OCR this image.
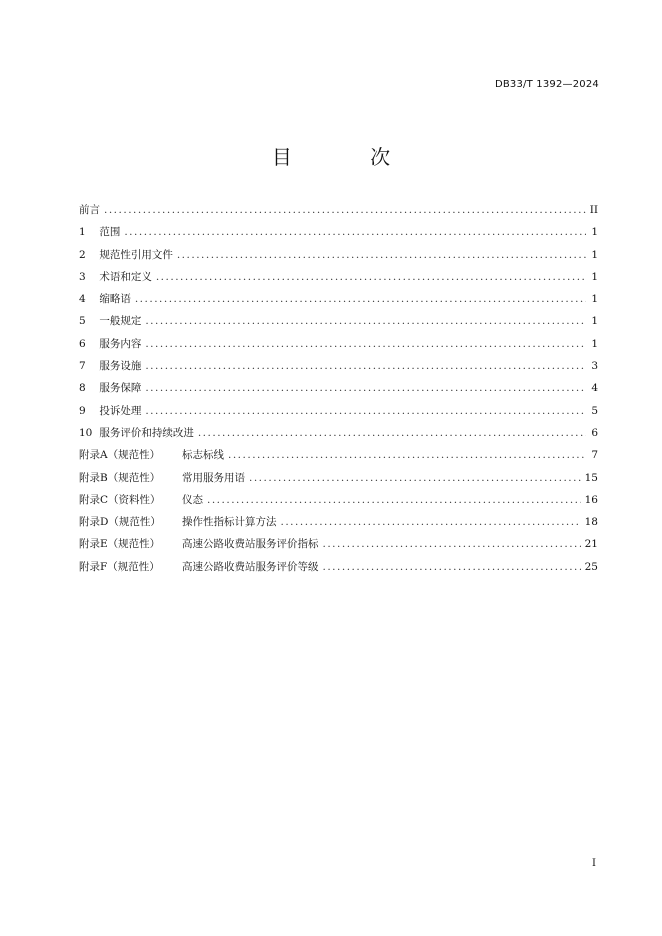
DB33/T 1392—2024
目 次
前言 .....	II
1 范围 .....	1
2 规范性引用文件 .....	1
3 术语和定义 .....	1
4 缩略语 .....	1
5 一般规定 .....	1
6 服务内容 .....	1
7 服务设施 .....	3
8 服务保障 .....	4
9 投诉处理 .....	5
10 服务评价和持续改进 .....	6
附录A（规范性） 标志标线 .....	7
附录B（规范性） 常用服务用语 .....	15
附录C（资料性） 仪态 .....	16
附录D（规范性） 操作性指标计算方法 .....	18
附录E（规范性） 高速公路收费站服务评价指标 .....	21
附录F（规范性） 高速公路收费站服务评价等级 .....	25
I
